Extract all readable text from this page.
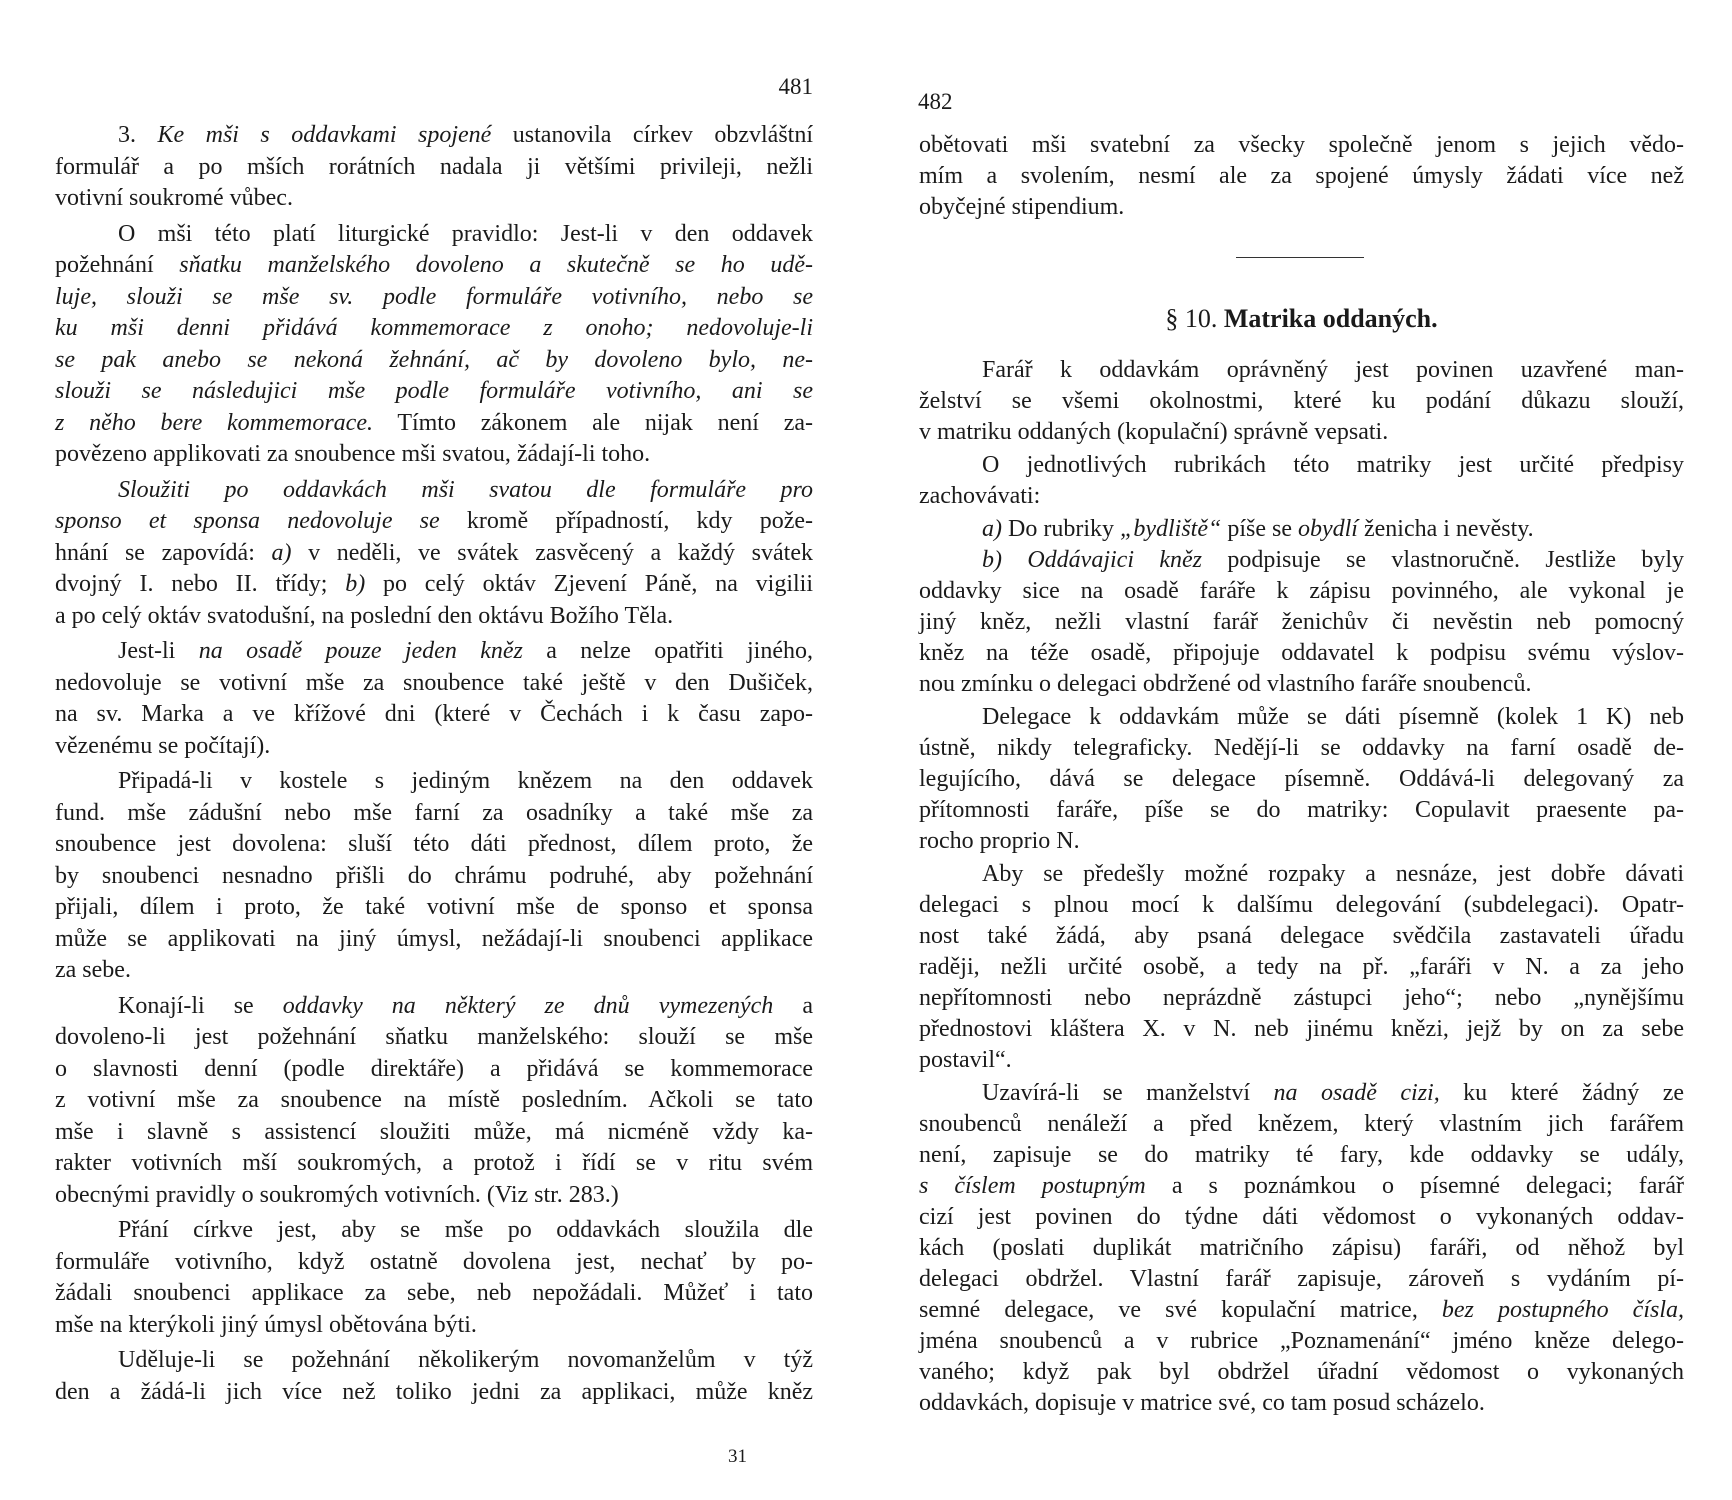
481
3. Ke mši s oddavkami spojené ustanovila církev obzvláštní
formulář a po mších rorátních nadala ji většími privileji, nežli
votivní soukromé vůbec.
O mši této platí liturgické pravidlo: Jest-li v den oddavek
požehnání sňatku manželského dovoleno a skutečně se ho udě-
luje, slouži se mše sv. podle formuláře votivního, nebo se
ku mši denni přidává kommemorace z onoho; nedovoluje-li
se pak anebo se nekoná žehnání, ač by dovoleno bylo, ne-
slouži se následujici mše podle formuláře votivního, ani se
z něho bere kommemorace. Tímto zákonem ale nijak není za-
povězeno applikovati za snoubence mši svatou, žádají-li toho.
Sloužiti po oddavkách mši svatou dle formuláře pro
sponso et sponsa nedovoluje se kromě případností, kdy pože-
hnání se zapovídá: a) v neděli, ve svátek zasvěcený a každý svátek
dvojný I. nebo II. třídy; b) po celý oktáv Zjevení Páně, na vigilii
a po celý oktáv svatodušní, na poslední den oktávu Božího Těla.
Jest-li na osadě pouze jeden kněz a nelze opatřiti jiného,
nedovoluje se votivní mše za snoubence také ještě v den Dušiček,
na sv. Marka a ve křížové dni (které v Čechách i k času zapo-
vězenému se počítají).
Připadá-li v kostele s jediným knězem na den oddavek
fund. mše zádušní nebo mše farní za osadníky a také mše za
snoubence jest dovolena: sluší této dáti přednost, dílem proto, že
by snoubenci nesnadno přišli do chrámu podruhé, aby požehnání
přijali, dílem i proto, že také votivní mše de sponso et sponsa
může se applikovati na jiný úmysl, nežádají-li snoubenci applikace
za sebe.
Konají-li se oddavky na některý ze dnů vymezených a
dovoleno-li jest požehnání sňatku manželského: slouží se mše
o slavnosti denní (podle direktáře) a přidává se kommemorace
z votivní mše za snoubence na místě posledním. Ačkoli se tato
mše i slavně s assistencí sloužiti může, má nicméně vždy ka-
rakter votivních mší soukromých, a protož i řídí se v ritu svém
obecnými pravidly o soukromých votivních. (Viz str. 283.)
Přání církve jest, aby se mše po oddavkách sloužila dle
formuláře votivního, když ostatně dovolena jest, nechať by po-
žádali snoubenci applikace za sebe, neb nepožádali. Můžeť i tato
mše na kterýkoli jiný úmysl obětována býti.
Uděluje-li se požehnání několikerým novomanželům v týž
den a žádá-li jich více než toliko jedni za applikaci, může kněz
31
482
obětovati mši svatební za všecky společně jenom s jejich vědo-
mím a svolením, nesmí ale za spojené úmysly žádati více než
obyčejné stipendium.
§ 10. Matrika oddaných.
Farář k oddavkám oprávněný jest povinen uzavřené man-
želství se všemi okolnostmi, které ku podání důkazu slouží,
v matriku oddaných (kopulační) správně vepsati.
O jednotlivých rubrikách této matriky jest určité předpisy
zachovávati:
a) Do rubriky „bydliště“ píše se obydlí ženicha i nevěsty.
b) Oddávajici kněz podpisuje se vlastnoručně. Jestliže byly
oddavky sice na osadě faráře k zápisu povinného, ale vykonal je
jiný kněz, nežli vlastní farář ženichův či nevěstin neb pomocný
kněz na téže osadě, připojuje oddavatel k podpisu svému výslov-
nou zmínku o delegaci obdržené od vlastního faráře snoubenců.
Delegace k oddavkám může se dáti písemně (kolek 1 K) neb
ústně, nikdy telegraficky. Nedějí-li se oddavky na farní osadě de-
legujícího, dává se delegace písemně. Oddává-li delegovaný za
přítomnosti faráře, píše se do matriky: Copulavit praesente pa-
rocho proprio N.
Aby se předešly možné rozpaky a nesnáze, jest dobře dávati
delegaci s plnou mocí k dalšímu delegování (subdelegaci). Opatr-
nost také žádá, aby psaná delegace svědčila zastavateli úřadu
raději, nežli určité osobě, a tedy na př. „faráři v N. a za jeho
nepřítomnosti nebo neprázdně zástupci jeho“; nebo „nynějšímu
přednostovi kláštera X. v N. neb jinému knězi, jejž by on za sebe
postavil“.
Uzavírá-li se manželství na osadě cizi, ku které žádný ze
snoubenců nenáleží a před knězem, který vlastním jich farářem
není, zapisuje se do matriky té fary, kde oddavky se udály,
s číslem postupným a s poznámkou o písemné delegaci; farář
cizí jest povinen do týdne dáti vědomost o vykonaných oddav-
kách (poslati duplikát matričního zápisu) faráři, od něhož byl
delegaci obdržel. Vlastní farář zapisuje, zároveň s vydáním pí-
semné delegace, ve své kopulační matrice, bez postupného čísla,
jména snoubenců a v rubrice „Poznamenání“ jméno kněze delego-
vaného; když pak byl obdržel úřadní vědomost o vykonaných
oddavkách, dopisuje v matrice své, co tam posud scházelo.
